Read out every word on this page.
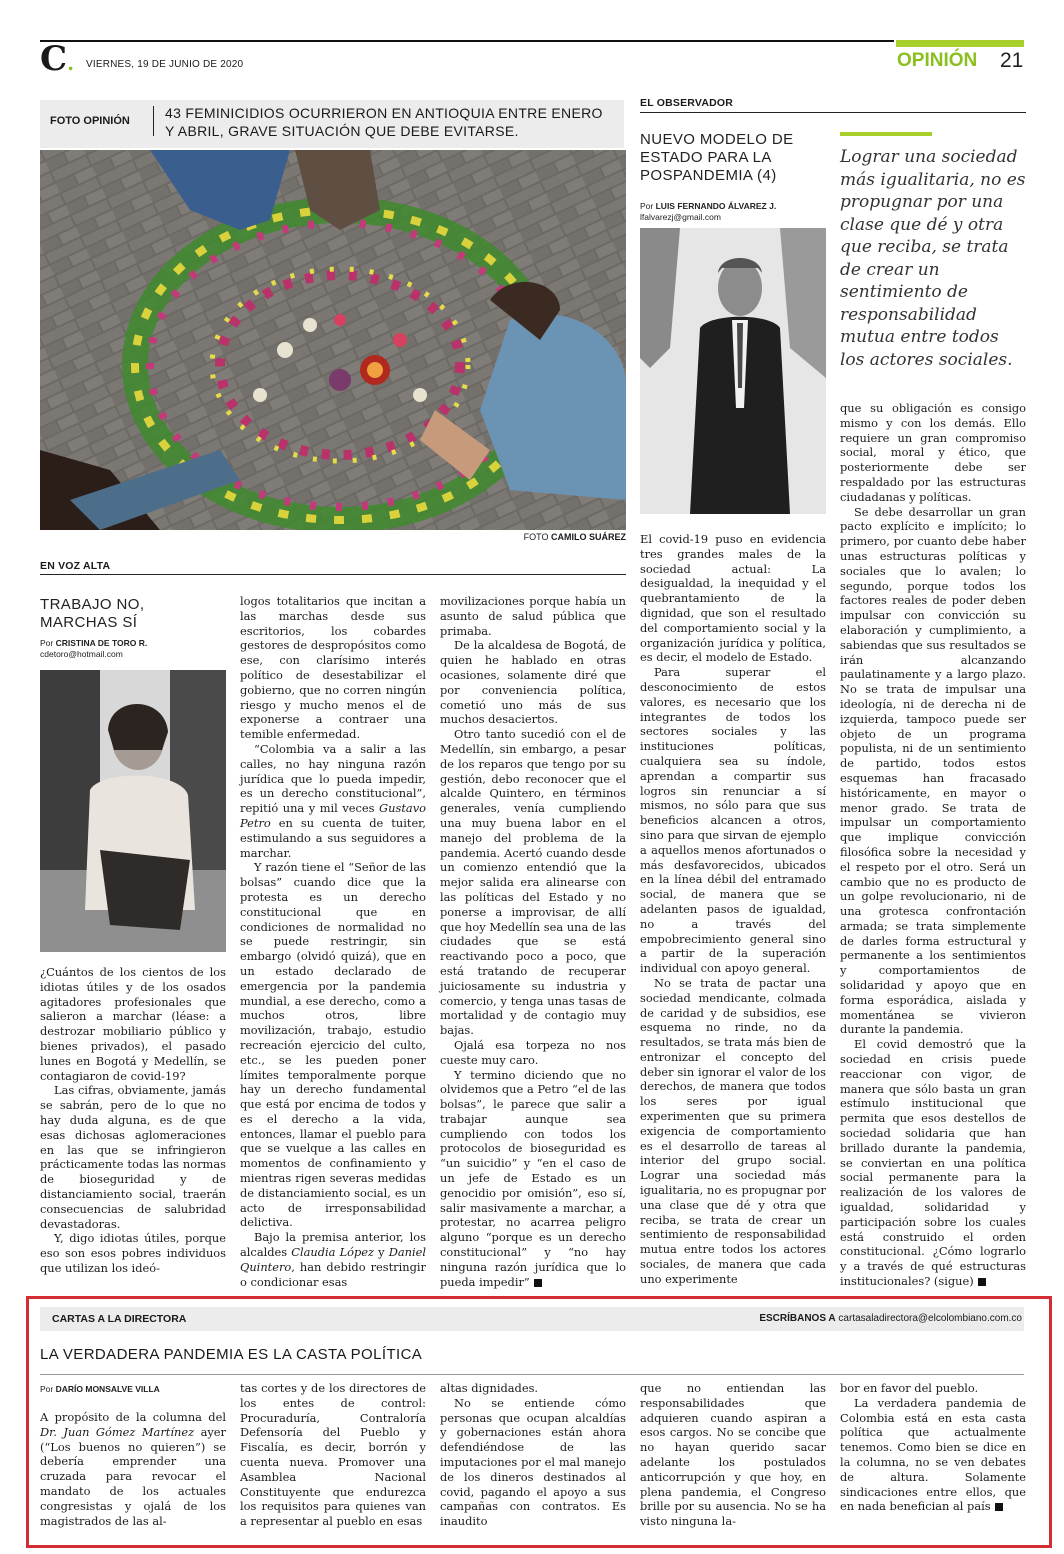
C. VIERNES, 19 DE JUNIO DE 2020	OPINIÓN 21
FOTO OPINIÓN	43 FEMINICIDIOS OCURRIERON EN ANTIOQUIA ENTRE ENERO Y ABRIL, GRAVE SITUACIÓN QUE DEBE EVITARSE.
FOTO CAMILO SUÁREZ
EN VOZ ALTA
TRABAJO NO,
MARCHAS SÍ
Por CRISTINA DE TORO R.
cdetoro@hotmail.com

¿Cuántos de los cientos de los idiotas útiles y de los osados agitadores profesionales que salieron a marchar (léase: a destrozar mobiliario público y bienes privados), el pasado lunes en Bogotá y Medellín, se contagiaron de covid-19?

Las cifras, obviamente, jamás se sabrán, pero de lo que no hay duda alguna, es de que esas dichosas aglomeraciones en las que se infringieron prácticamente todas las normas de bioseguridad y de distanciamiento social, traerán consecuencias de salubridad devastadoras.

Y, digo idiotas útiles, porque eso son esos pobres individuos que utilizan los ideó-

logos totalitarios que incitan a las marchas desde sus escritorios, los cobardes gestores de despropósitos como ese, con clarísimo interés político de desestabilizar el gobierno, que no corren ningún riesgo y mucho menos el de exponerse a contraer una temible enfermedad.

“Colombia va a salir a las calles, no hay ninguna razón jurídica que lo pueda impedir, es un derecho constitucional”, repitió una y mil veces Gustavo Petro en su cuenta de tuiter, estimulando a sus seguidores a marchar.

Y razón tiene el “Señor de las bolsas” cuando dice que la protesta es un derecho constitucional que en condiciones de normalidad no se puede restringir, sin embargo (olvidó quizá), que en un estado declarado de emergencia por la pandemia mundial, a ese derecho, como a muchos otros, libre movilización, trabajo, estudio recreación ejercicio del culto, etc., se les pueden poner límites temporalmente porque hay un derecho fundamental que está por encima de todos y es el derecho a la vida, entonces, llamar el pueblo para que se vuelque a las calles en momentos de confinamiento y mientras rigen severas medidas de distanciamiento social, es un acto de irresponsabilidad delictiva.

Bajo la premisa anterior, los alcaldes Claudia López y Daniel Quintero, han debido restringir o condicionar esas

movilizaciones porque había un asunto de salud pública que primaba.

De la alcaldesa de Bogotá, de quien he hablado en otras ocasiones, solamente diré que por conveniencia política, cometió uno más de sus muchos desaciertos.

Otro tanto sucedió con el de Medellín, sin embargo, a pesar de los reparos que tengo por su gestión, debo reconocer que el alcalde Quintero, en términos generales, venía cumpliendo una muy buena labor en el manejo del problema de la pandemia. Acertó cuando desde un comienzo entendió que la mejor salida era alinearse con las políticas del Estado y no ponerse a improvisar, de allí que hoy Medellín sea una de las ciudades que se está reactivando poco a poco, que está tratando de recuperar juiciosamente su industria y comercio, y tenga unas tasas de mortalidad y de contagio muy bajas.

Ojalá esa torpeza no nos cueste muy caro.

Y termino diciendo que no olvidemos que a Petro “el de las bolsas”, le parece que salir a trabajar aunque sea cumpliendo con todos los protocolos de bioseguridad es “un suicidio” y “en el caso de un jefe de Estado es un genocidio por omisión”, eso sí, salir masivamente a marchar, a protestar, no acarrea peligro alguno “porque es un derecho constitucional” y “no hay ninguna razón jurídica que lo pueda impedir”

EL OBSERVADOR
NUEVO MODELO DE ESTADO PARA LA POSPANDEMIA (4)
Por LUIS FERNANDO ÁLVAREZ J.
lfalvarezj@gmail.com
Lograr una sociedad más igualitaria, no es propugnar por una clase que dé y otra que reciba, se trata de crear un sentimiento de responsabilidad mutua entre todos los actores sociales.

El covid-19 puso en evidencia tres grandes males de la sociedad actual: La desigualdad, la inequidad y el quebrantamiento de la dignidad, que son el resultado del comportamiento social y la organización jurídica y política, es decir, el modelo de Estado.

Para superar el desconocimiento de estos valores, es necesario que los integrantes de todos los sectores sociales y las instituciones políticas, cualquiera sea su índole, aprendan a compartir sus logros sin renunciar a sí mismos, no sólo para que sus beneficios alcancen a otros, sino para que sirvan de ejemplo a aquellos menos afortunados o más desfavorecidos, ubicados en la línea débil del entramado social, de manera que se adelanten pasos de igualdad, no a través del empobrecimiento general sino a partir de la superación individual con apoyo general.

No se trata de pactar una sociedad mendicante, colmada de caridad y de subsidios, ese esquema no rinde, no da resultados, se trata más bien de entronizar el concepto del deber sin ignorar el valor de los derechos, de manera que todos los seres por igual experimenten que su primera exigencia de comportamiento es el desarrollo de tareas al interior del grupo social. Lograr una sociedad más igualitaria, no es propugnar por una clase que dé y otra que reciba, se trata de crear un sentimiento de responsabilidad mutua entre todos los actores sociales, de manera que cada uno experimente

que su obligación es consigo mismo y con los demás. Ello requiere un gran compromiso social, moral y ético, que posteriormente debe ser respaldado por las estructuras ciudadanas y políticas.

Se debe desarrollar un gran pacto explícito e implícito; lo primero, por cuanto debe haber unas estructuras políticas y sociales que lo avalen; lo segundo, porque todos los factores reales de poder deben impulsar con convicción su elaboración y cumplimiento, a sabiendas que sus resultados se irán alcanzando paulatinamente y a largo plazo. No se trata de impulsar una ideología, ni de derecha ni de izquierda, tampoco puede ser objeto de un programa populista, ni de un sentimiento de partido, todos estos esquemas han fracasado históricamente, en mayor o menor grado. Se trata de impulsar un comportamiento que implique convicción filosófica sobre la necesidad y el respeto por el otro. Será un cambio que no es producto de un golpe revolucionario, ni de una grotesca confrontación armada; se trata simplemente de darles forma estructural y permanente a los sentimientos y comportamientos de solidaridad y apoyo que en forma esporádica, aislada y momentánea se vivieron durante la pandemia.

El covid demostró que la sociedad en crisis puede reaccionar con vigor, de manera que sólo basta un gran estímulo institucional que permita que esos destellos de sociedad solidaria que han brillado durante la pandemia, se conviertan en una política social permanente para la realización de los valores de igualdad, solidaridad y participación sobre los cuales está construido el orden constitucional. ¿Cómo lograrlo y a través de qué estructuras institucionales? (sigue)

CARTAS A LA DIRECTORA	ESCRÍBANOS A cartasaladirectora@elcolombiano.com.co
LA VERDADERA PANDEMIA ES LA CASTA POLÍTICA
Por DARÍO MONSALVE VILLA

A propósito de la columna del Dr. Juan Gómez Martínez ayer (“Los buenos no quieren”) se debería emprender una cruzada para revocar el mandato de los actuales congresistas y ojalá de los magistrados de las al-

tas cortes y de los directores de los entes de control: Procuraduría, Contraloría Defensoría del Pueblo y Fiscalía, es decir, borrón y cuenta nueva. Promover una Asamblea Nacional Constituyente que endurezca los requisitos para quienes van a representar al pueblo en esas

altas dignidades.

No se entiende cómo personas que ocupan alcaldías y gobernaciones están ahora defendiéndose de las imputaciones por el mal manejo de los dineros destinados al covid, pagando el apoyo a sus campañas con contratos. Es inaudito

que no entiendan las responsabilidades que adquieren cuando aspiran a esos cargos. No se concibe que no hayan querido sacar adelante los postulados anticorrupción y que hoy, en plena pandemia, el Congreso brille por su ausencia. No se ha visto ninguna la-

bor en favor del pueblo.

La verdadera pandemia de Colombia está en esta casta política que actualmente tenemos. Como bien se dice en la columna, no se ven debates de altura. Solamente sindicaciones entre ellos, que en nada benefician al país
